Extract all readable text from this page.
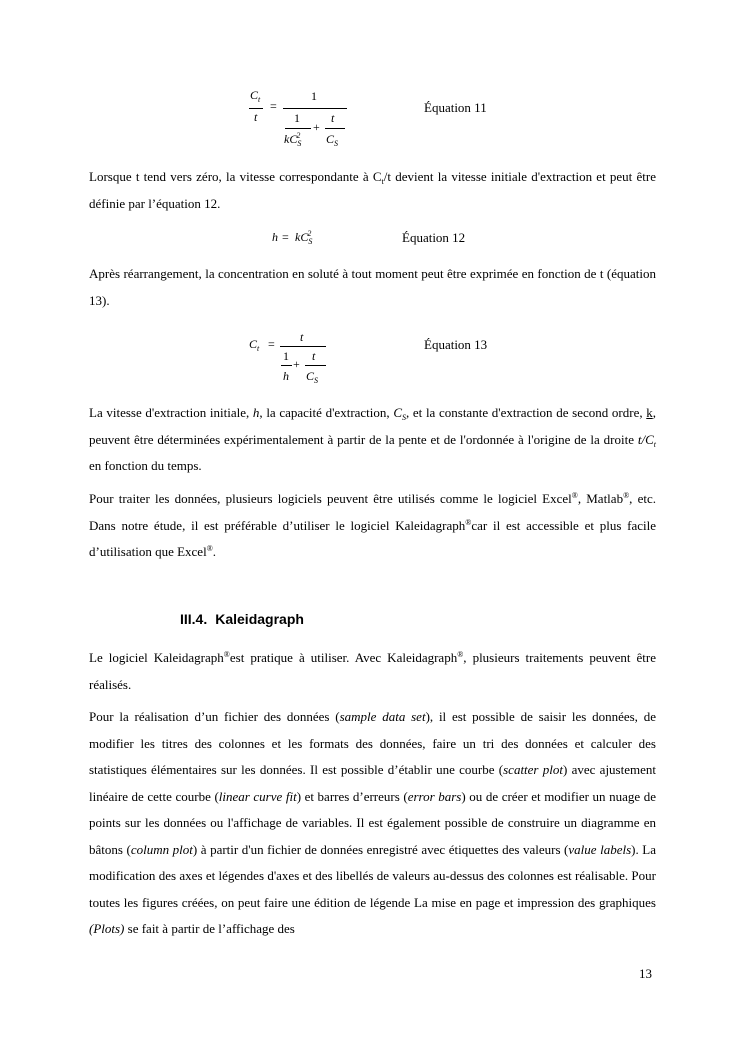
$C_t$
t
=
1
1
$kC_S^2$
+
t
$C_S$
Équation 11

Lorsque t tend vers zéro, la vitesse correspondante à $C_t/t$ devient la vitesse initiale d'extraction et peut être définie par l’équation 12.

$h = kC_S^2$	Équation 12

Après réarrangement, la concentration en soluté à tout moment peut être exprimée en fonction de t (équation 13).

$C_t = t$
1
h
+
t
$C_S$
Équation 13

La vitesse d'extraction initiale, h, la capacité d'extraction, $C_S$, et la constante d'extraction de second ordre, k, peuvent être déterminées expérimentalement à partir de la pente et de l'ordonnée à l'origine de la droite $t/C_t$ en fonction du temps.

Pour traiter les données, plusieurs logiciels peuvent être utilisés comme le logiciel Excel®, Matlab®, etc. Dans notre étude, il est préférable d’utiliser le logiciel Kaleidagraph®car il est accessible et plus facile d’utilisation que Excel®.

III.4. Kaleidagraph

Le logiciel Kaleidagraph®est pratique à utiliser. Avec Kaleidagraph®, plusieurs traitements peuvent être réalisés.

Pour la réalisation d’un fichier des données (sample data set), il est possible de saisir les données, de modifier les titres des colonnes et les formats des données, faire un tri des données et calculer des statistiques élémentaires sur les données. Il est possible d’établir une courbe (scatter plot) avec ajustement linéaire de cette courbe (linear curve fit) et barres d’erreurs (error bars) ou de créer et modifier un nuage de points sur les données ou l'affichage de variables. Il est également possible de construire un diagramme en bâtons (column plot) à partir d'un fichier de données enregistré avec étiquettes des valeurs (value labels). La modification des axes et légendes d'axes et des libellés de valeurs au-dessus des colonnes est réalisable. Pour toutes les figures créées, on peut faire une édition de légende La mise en page et impression des graphiques (Plots) se fait à partir de l’affichage des

13
